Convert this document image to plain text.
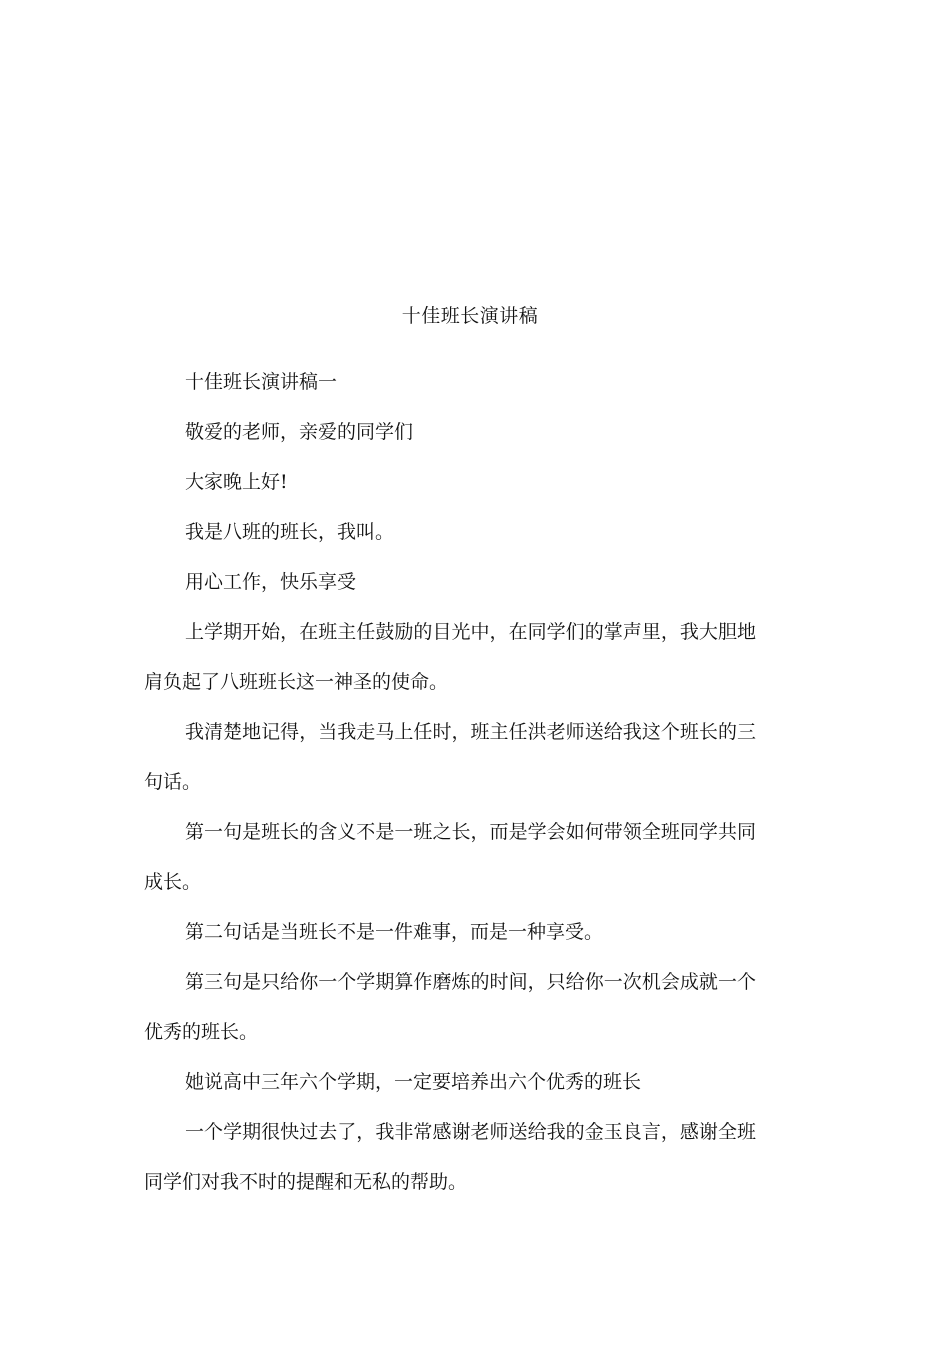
十佳班长演讲稿

十佳班长演讲稿一

敬爱的老师，亲爱的同学们

大家晚上好!

我是八班的班长，我叫。

用心工作，快乐享受

上学期开始，在班主任鼓励的目光中，在同学们的掌声里，我大胆地肩负起了八班班长这一神圣的使命。

我清楚地记得，当我走马上任时，班主任洪老师送给我这个班长的三句话。

第一句是班长的含义不是一班之长，而是学会如何带领全班同学共同成长。

第二句话是当班长不是一件难事，而是一种享受。

第三句是只给你一个学期算作磨炼的时间，只给你一次机会成就一个优秀的班长。

她说高中三年六个学期，一定要培养出六个优秀的班长

一个学期很快过去了，我非常感谢老师送给我的金玉良言，感谢全班同学们对我不时的提醒和无私的帮助。
